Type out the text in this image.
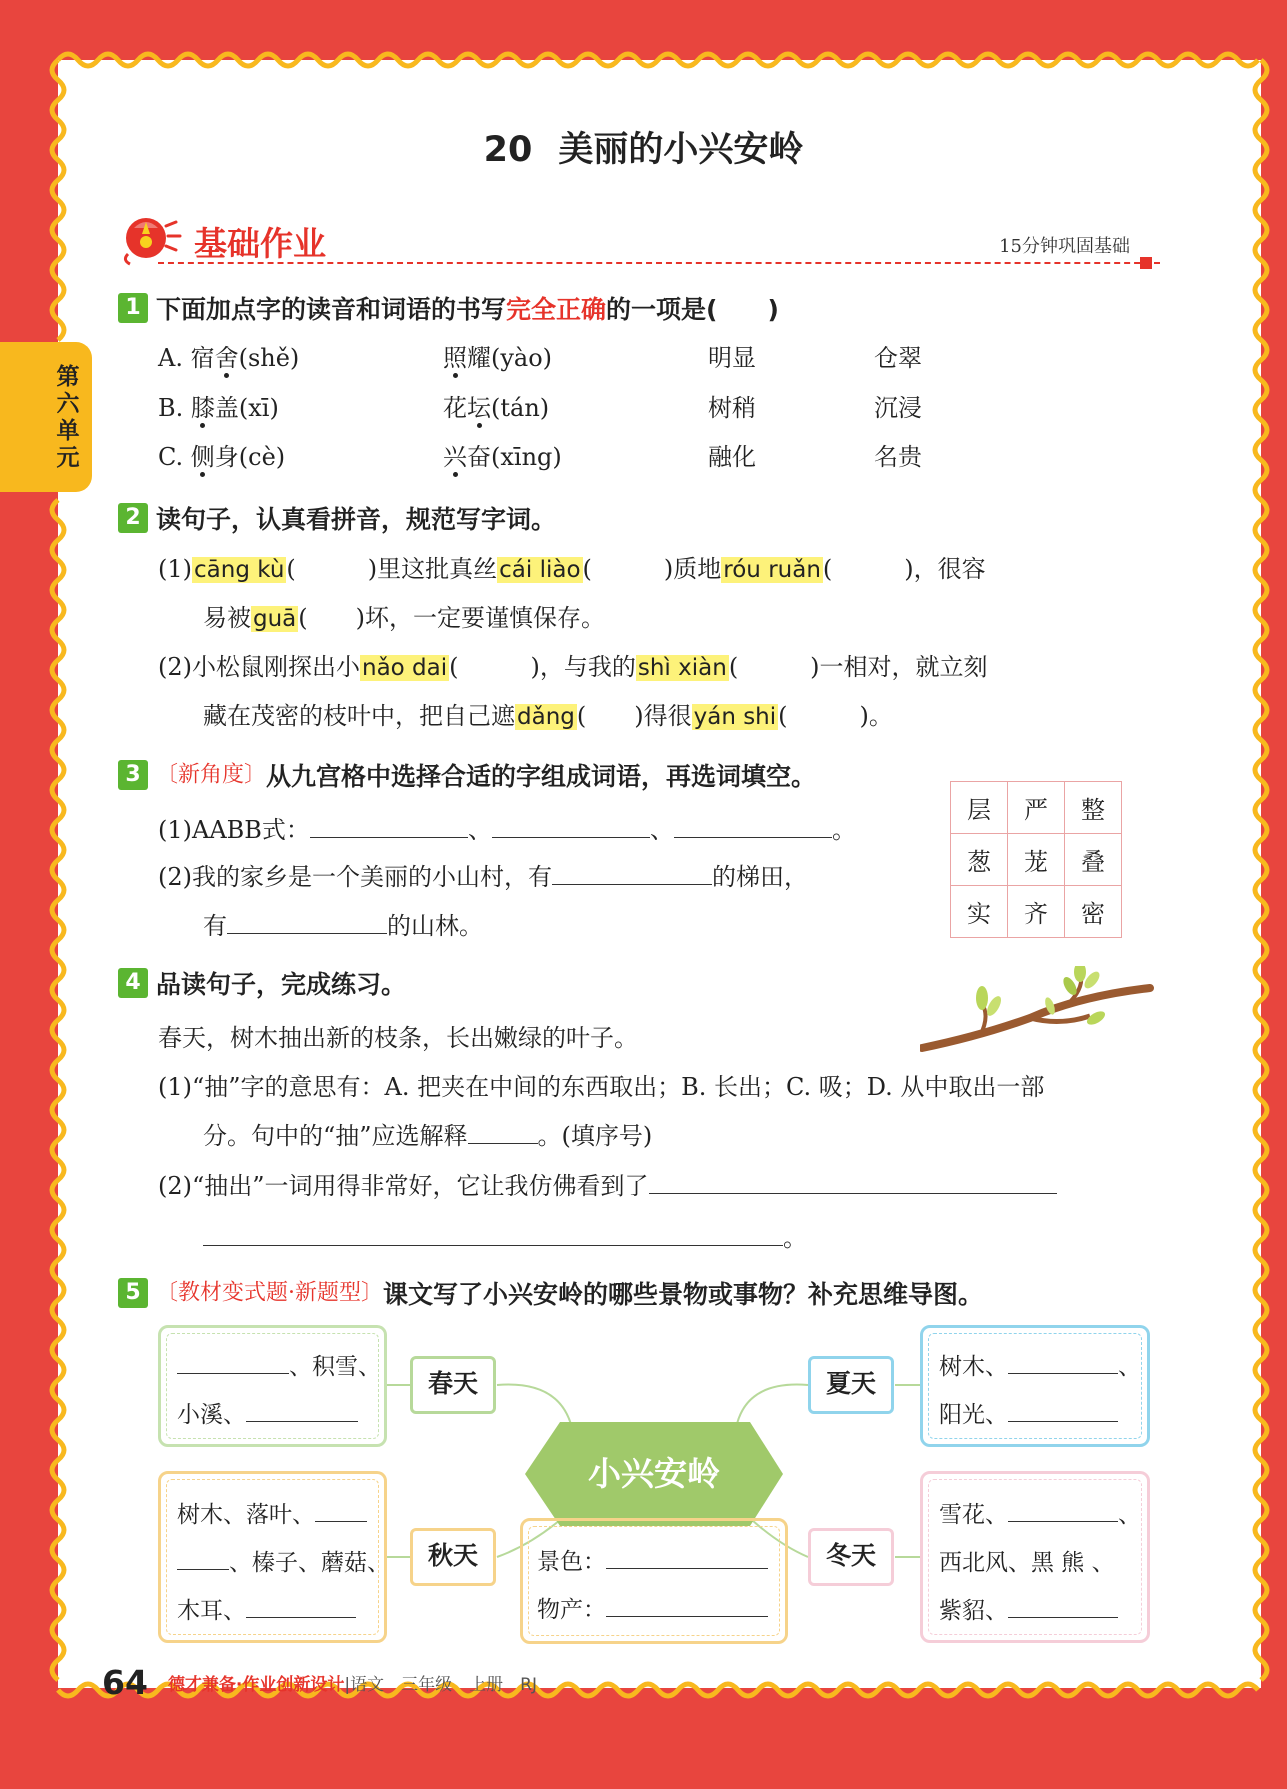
第六单元
20 美丽的小兴安岭
基础作业	15分钟巩固基础
1 下面加点字的读音和词语的书写完全正确的一项是(　　)
A. 宿舍(shě)	照耀(yào)	明显	仓翠
B. 膝盖(xī)	花坛(tán)	树稍	沉浸
C. 侧身(cè)	兴奋(xīng)	融化	名贵
2 读句子，认真看拼音，规范写字词。
(1)cāng kù(　　　)里这批真丝cái liào(　　　)质地róu ruǎn(　　　)，很容
易被guā(　　)坏，一定要谨慎保存。
(2)小松鼠刚探出小nǎo dai(　　　)，与我的shì xiàn(　　　)一相对，就立刻
藏在茂密的枝叶中，把自己遮dǎng(　　)得很yán shi(　　　)。
3 〔新角度〕从九宫格中选择合适的字组成词语，再选词填空。
(1)AABB式：	、	、	。
(2)我的家乡是一个美丽的小山村，有	的梯田，
有	的山林。
层	严	整
葱	茏	叠
实	齐	密
4 品读句子，完成练习。
春天，树木抽出新的枝条，长出嫩绿的叶子。
(1)“抽”字的意思有：A. 把夹在中间的东西取出；B. 长出；C. 吸；D. 从中取出一部
分。句中的“抽”应选解释	。(填序号)
(2)“抽出”一词用得非常好，它让我仿佛看到了
。
5 〔教材变式题·新题型〕课文写了小兴安岭的哪些景物或事物？补充思维导图。
小兴安岭
、积雪、
小溪、
春天
树木、	、
阳光、
夏天
树木、落叶、
、榛子、蘑菇、
木耳、
秋天	景色：
物产：
雪花、	、
西北风、黑 熊 、
紫貂、
冬天
64 德才兼备·作业创新设计|语文　三年级　上册　RJ
